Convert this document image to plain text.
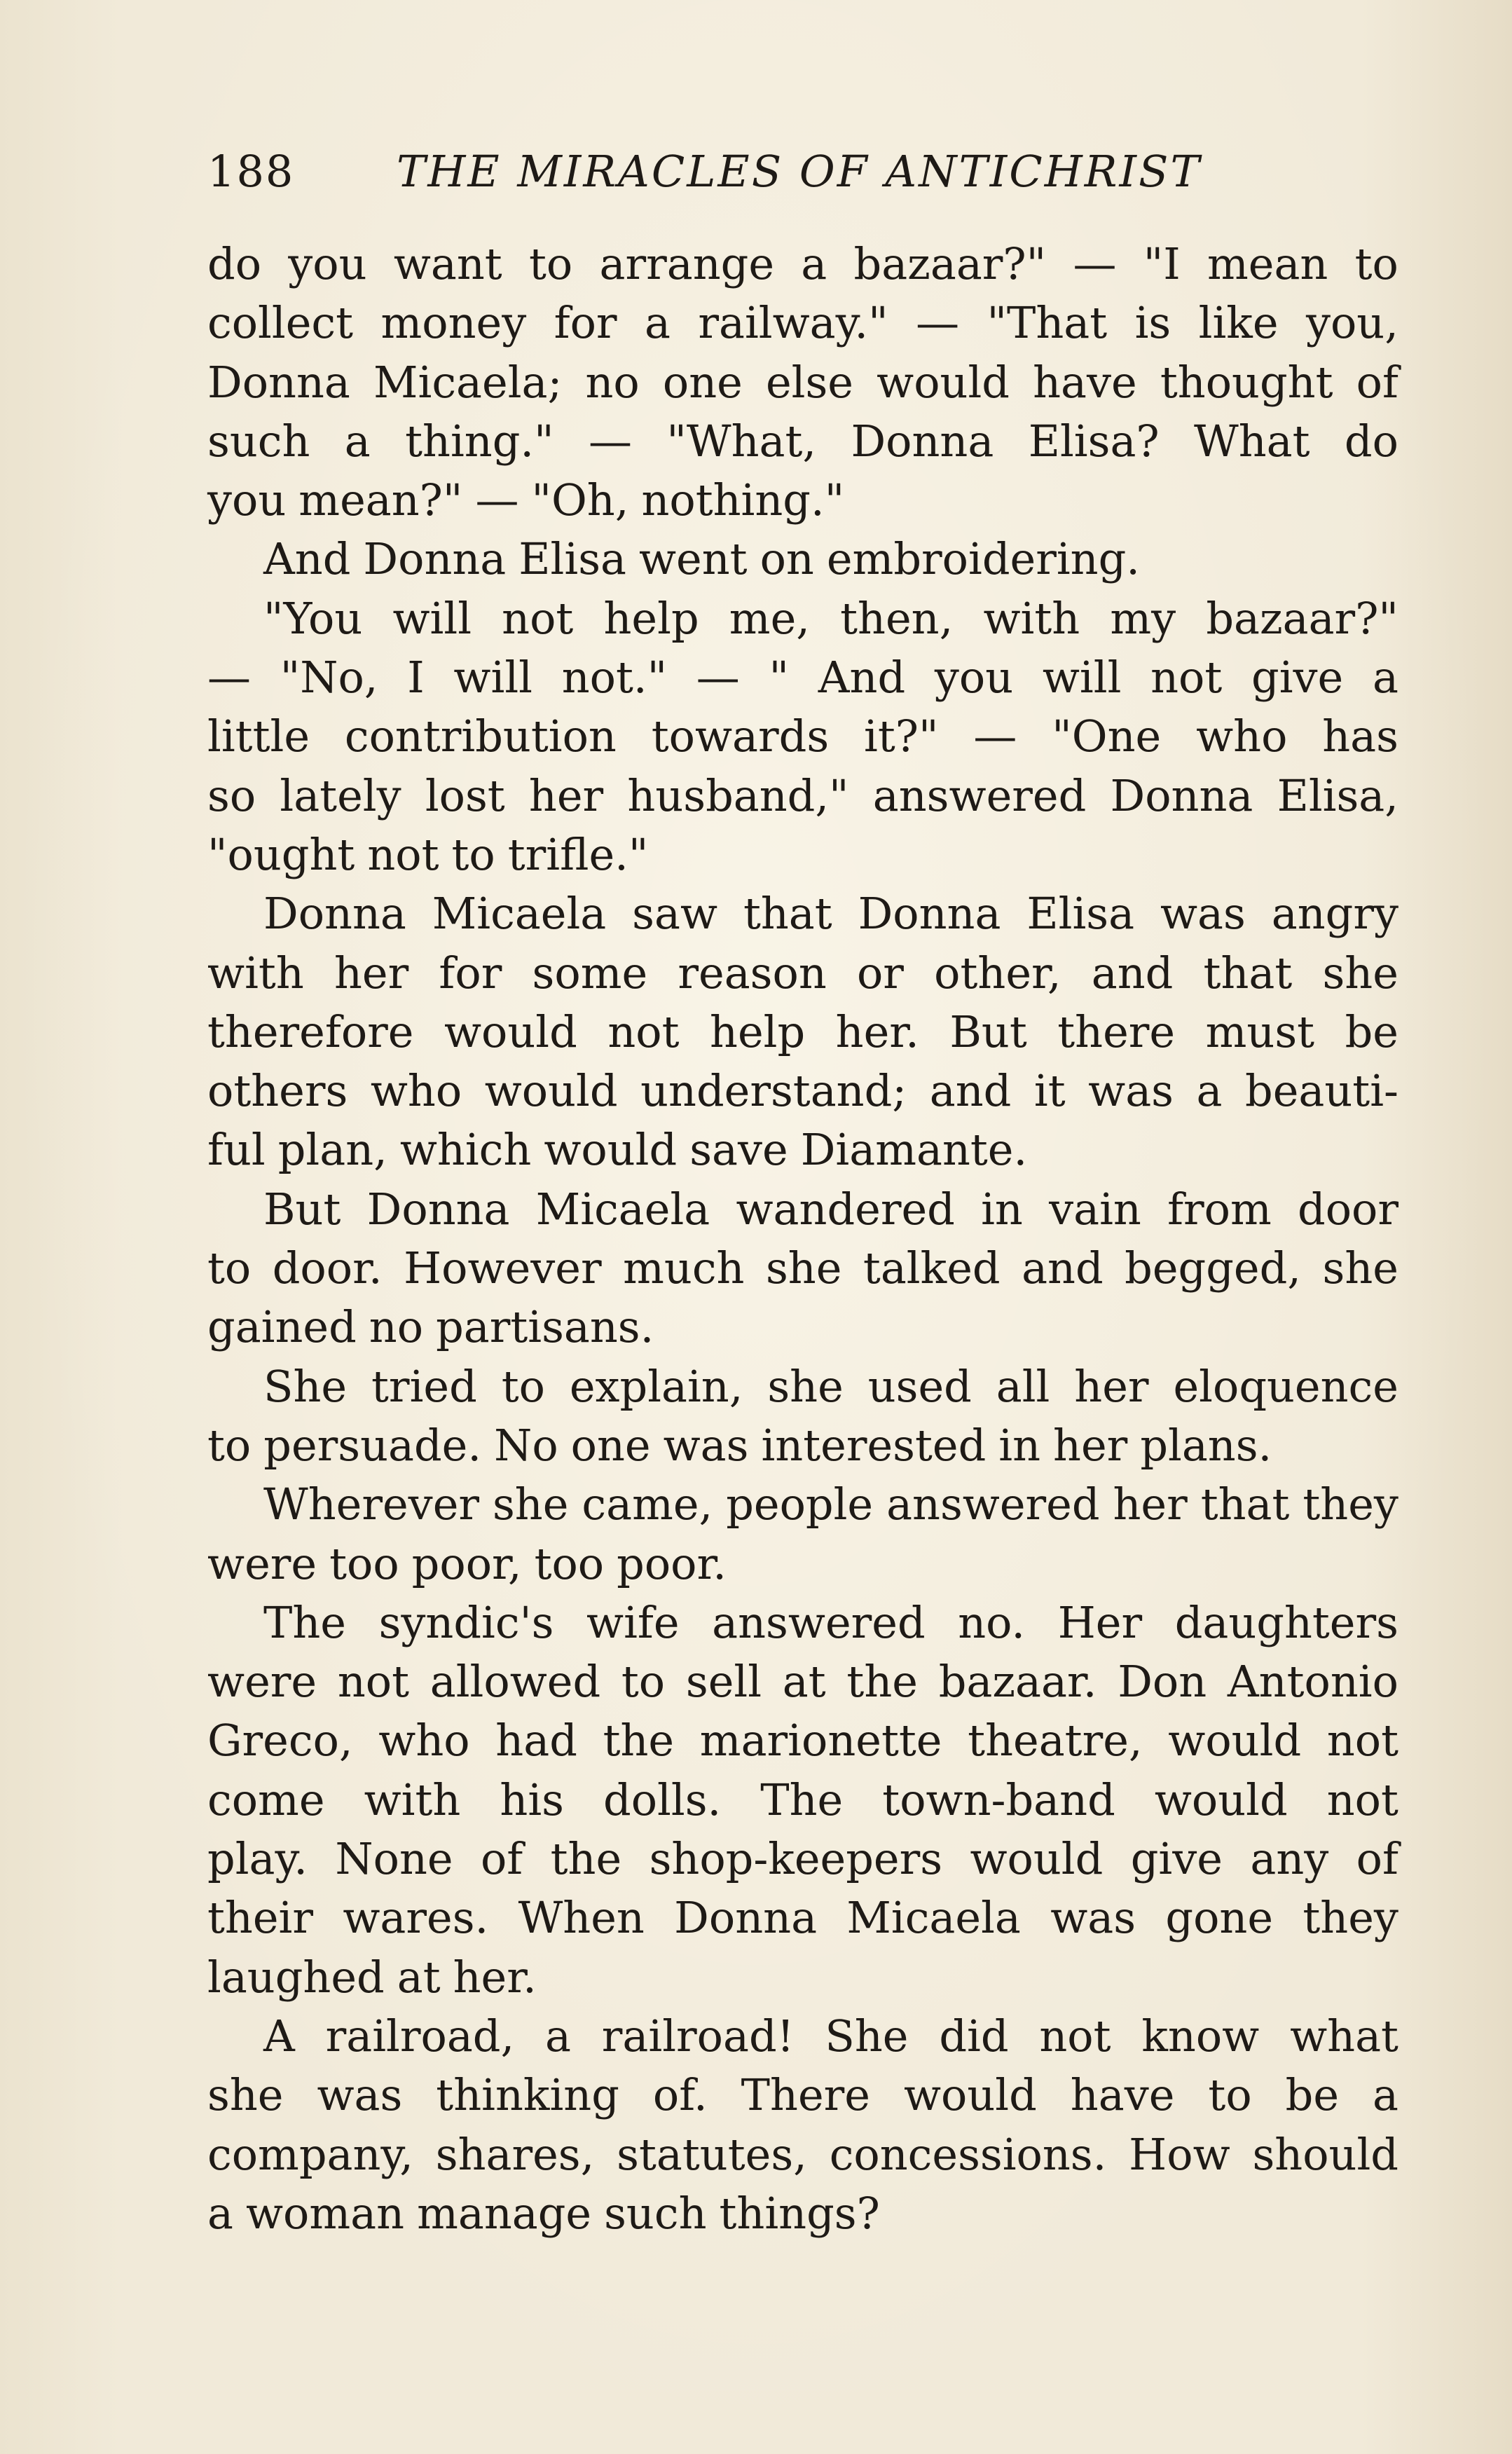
188 THE MIRACLES OF ANTICHRIST
do you want to arrange a bazaar?" — "I mean to
collect money for a railway." — "That is like you,
Donna Micaela; no one else would have thought of
such a thing." — "What, Donna Elisa? What do
you mean?" — "Oh, nothing."
And Donna Elisa went on embroidering.
"You will not help me, then, with my bazaar?"
— "No, I will not." — " And you will not give a
little contribution towards it?" — "One who has
so lately lost her husband," answered Donna Elisa,
"ought not to trifle."
Donna Micaela saw that Donna Elisa was angry
with her for some reason or other, and that she
therefore would not help her. But there must be
others who would understand; and it was a beauti-
ful plan, which would save Diamante.
But Donna Micaela wandered in vain from door
to door. However much she talked and begged, she
gained no partisans.
She tried to explain, she used all her eloquence
to persuade. No one was interested in her plans.
Wherever she came, people answered her that they
were too poor, too poor.
The syndic's wife answered no. Her daughters
were not allowed to sell at the bazaar. Don Antonio
Greco, who had the marionette theatre, would not
come with his dolls. The town-band would not
play. None of the shop-keepers would give any of
their wares. When Donna Micaela was gone they
laughed at her.
A railroad, a railroad! She did not know what
she was thinking of. There would have to be a
company, shares, statutes, concessions. How should
a woman manage such things?
